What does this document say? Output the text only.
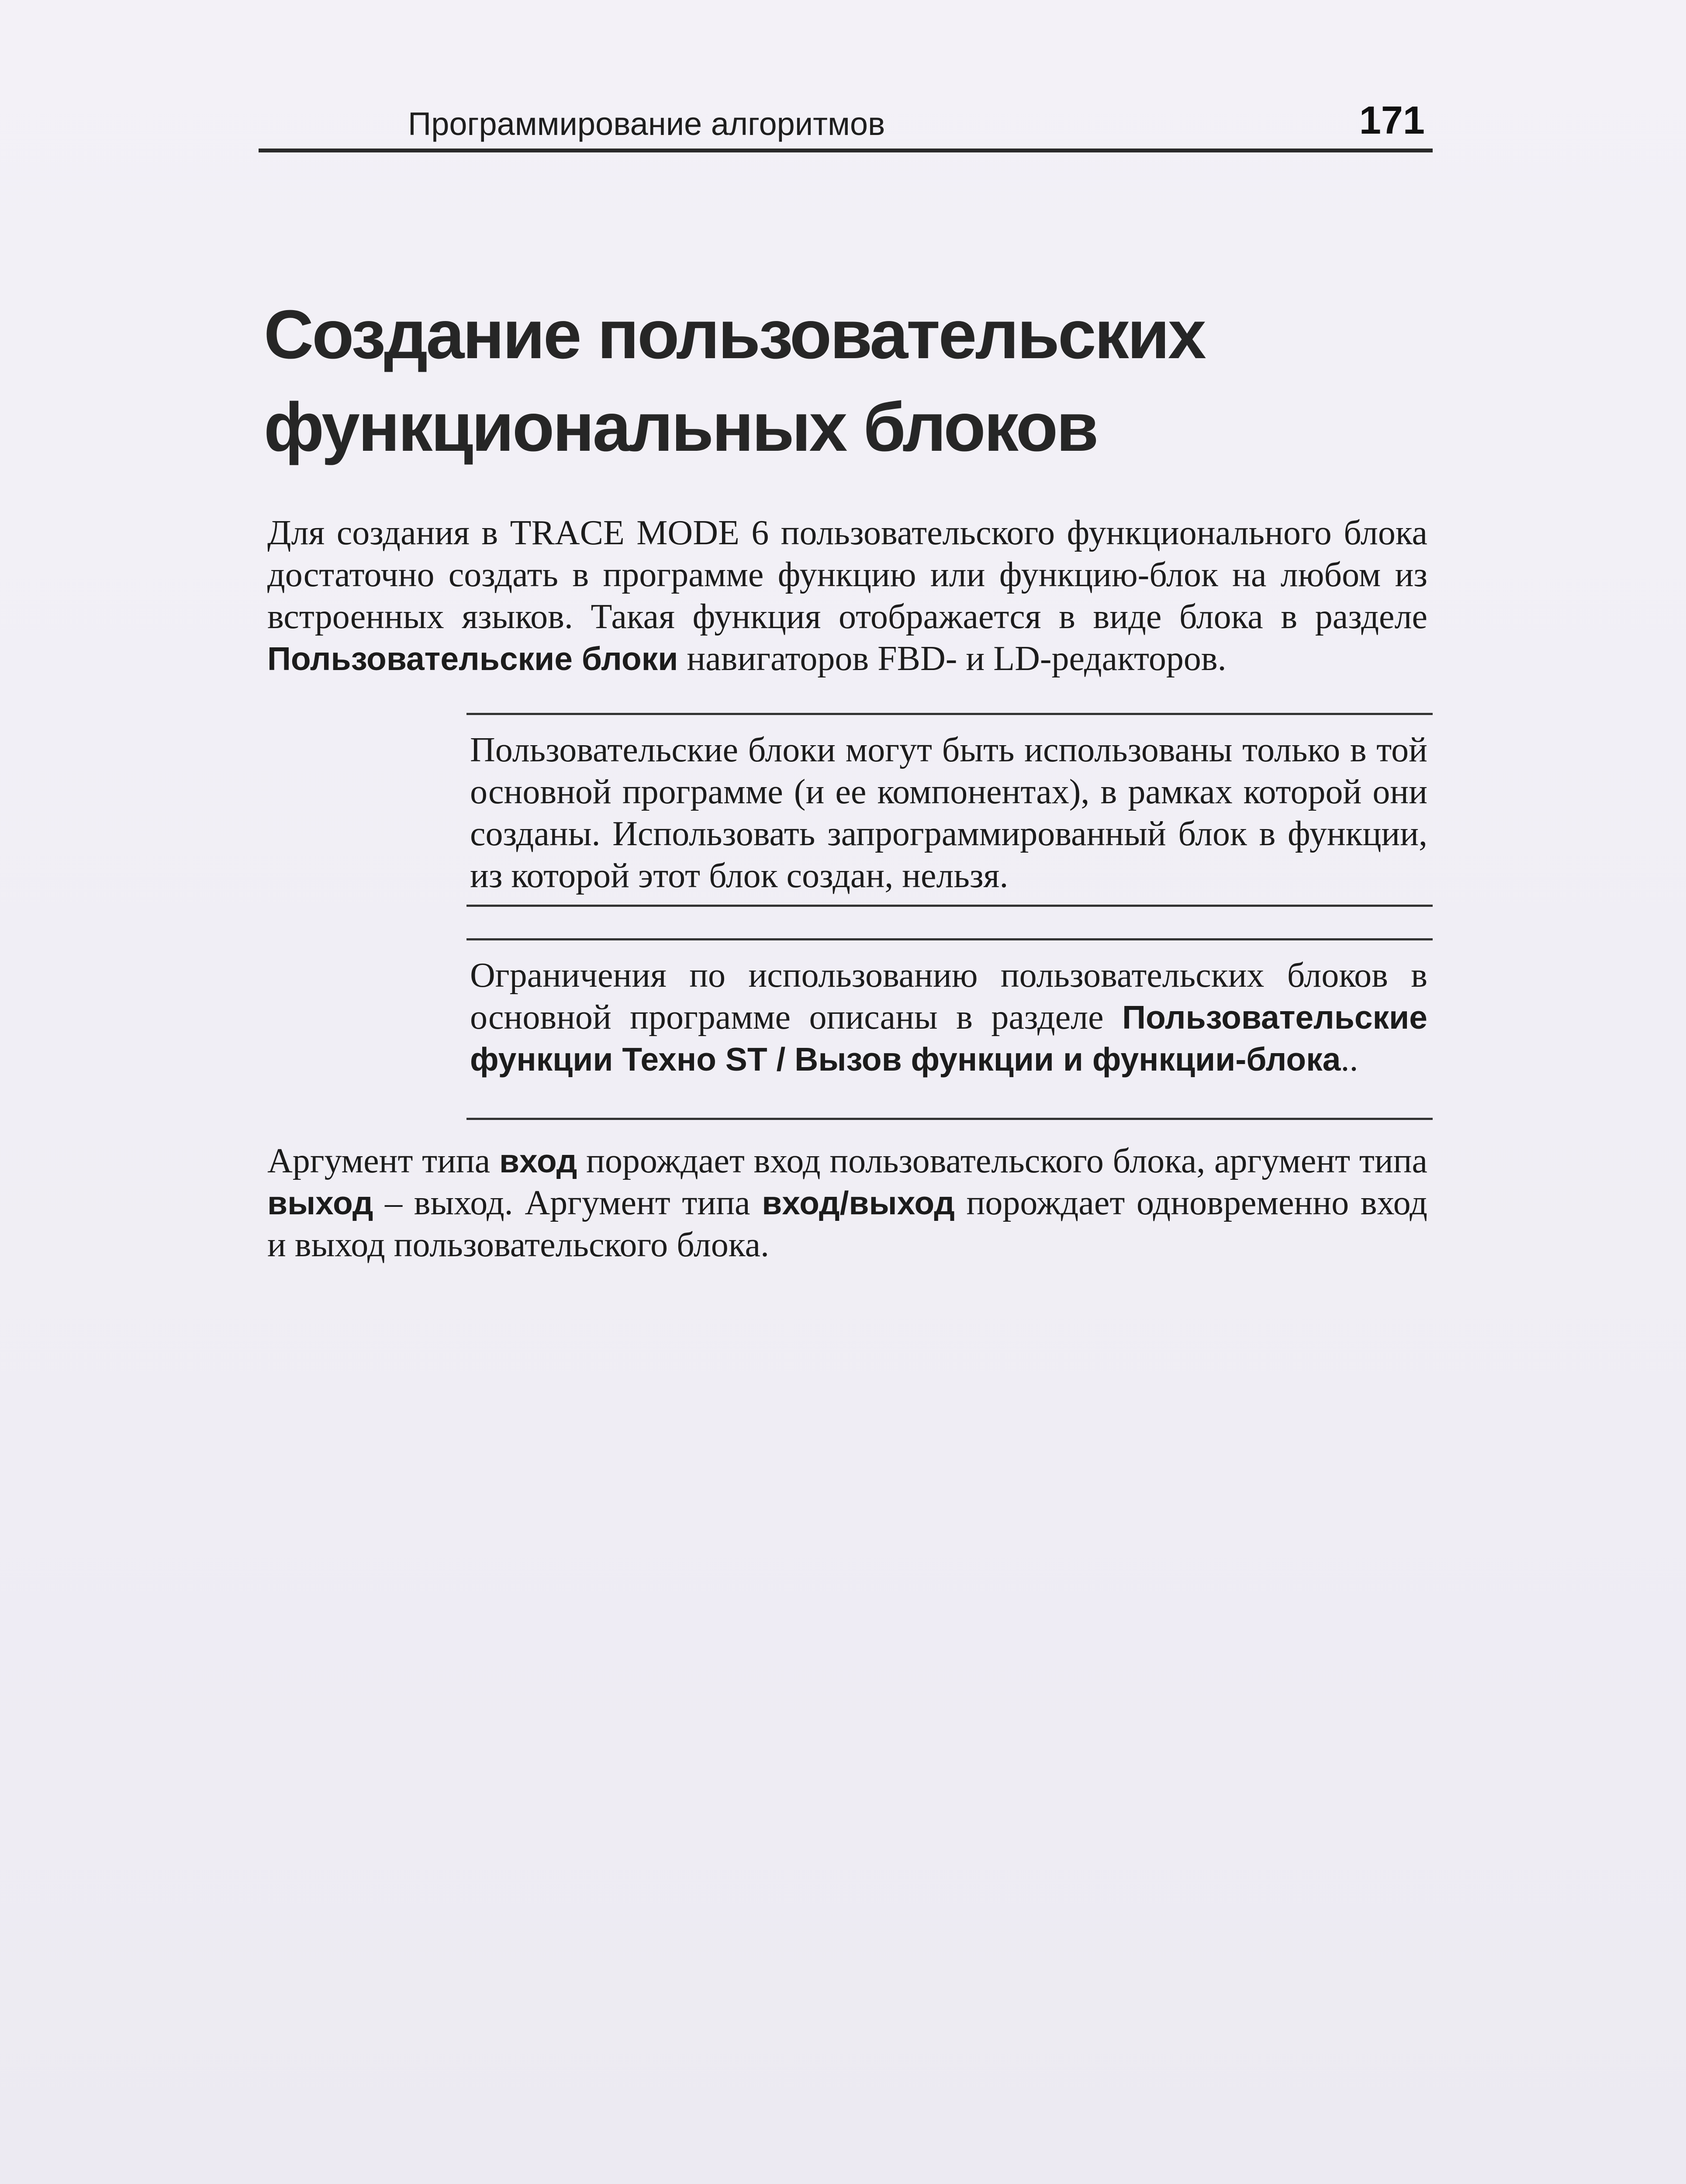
Программирование алгоритмов	171
Создание пользовательских
функциональных блоков
Для создания в TRACE MODE 6 пользовательского функционального блока достаточно создать в программе функцию или функцию-блок на любом из встроенных языков. Такая функция отображается в виде блока в разделе Пользовательские блоки навигаторов FBD- и LD-редакторов.
Пользовательские блоки могут быть использованы только в той основной программе (и ее компонентах), в рамках которой они созданы. Использовать запрограммированный блок в функции, из которой этот блок создан, нельзя.
Ограничения по использованию пользовательских блоков в основной программе описаны в разделе Пользовательские функции Техно ST / Вызов функции и функции-блока..
Аргумент типа вход порождает вход пользовательского блока, аргумент типа выход – выход. Аргумент типа вход/выход порождает одновременно вход и выход пользовательского блока.
